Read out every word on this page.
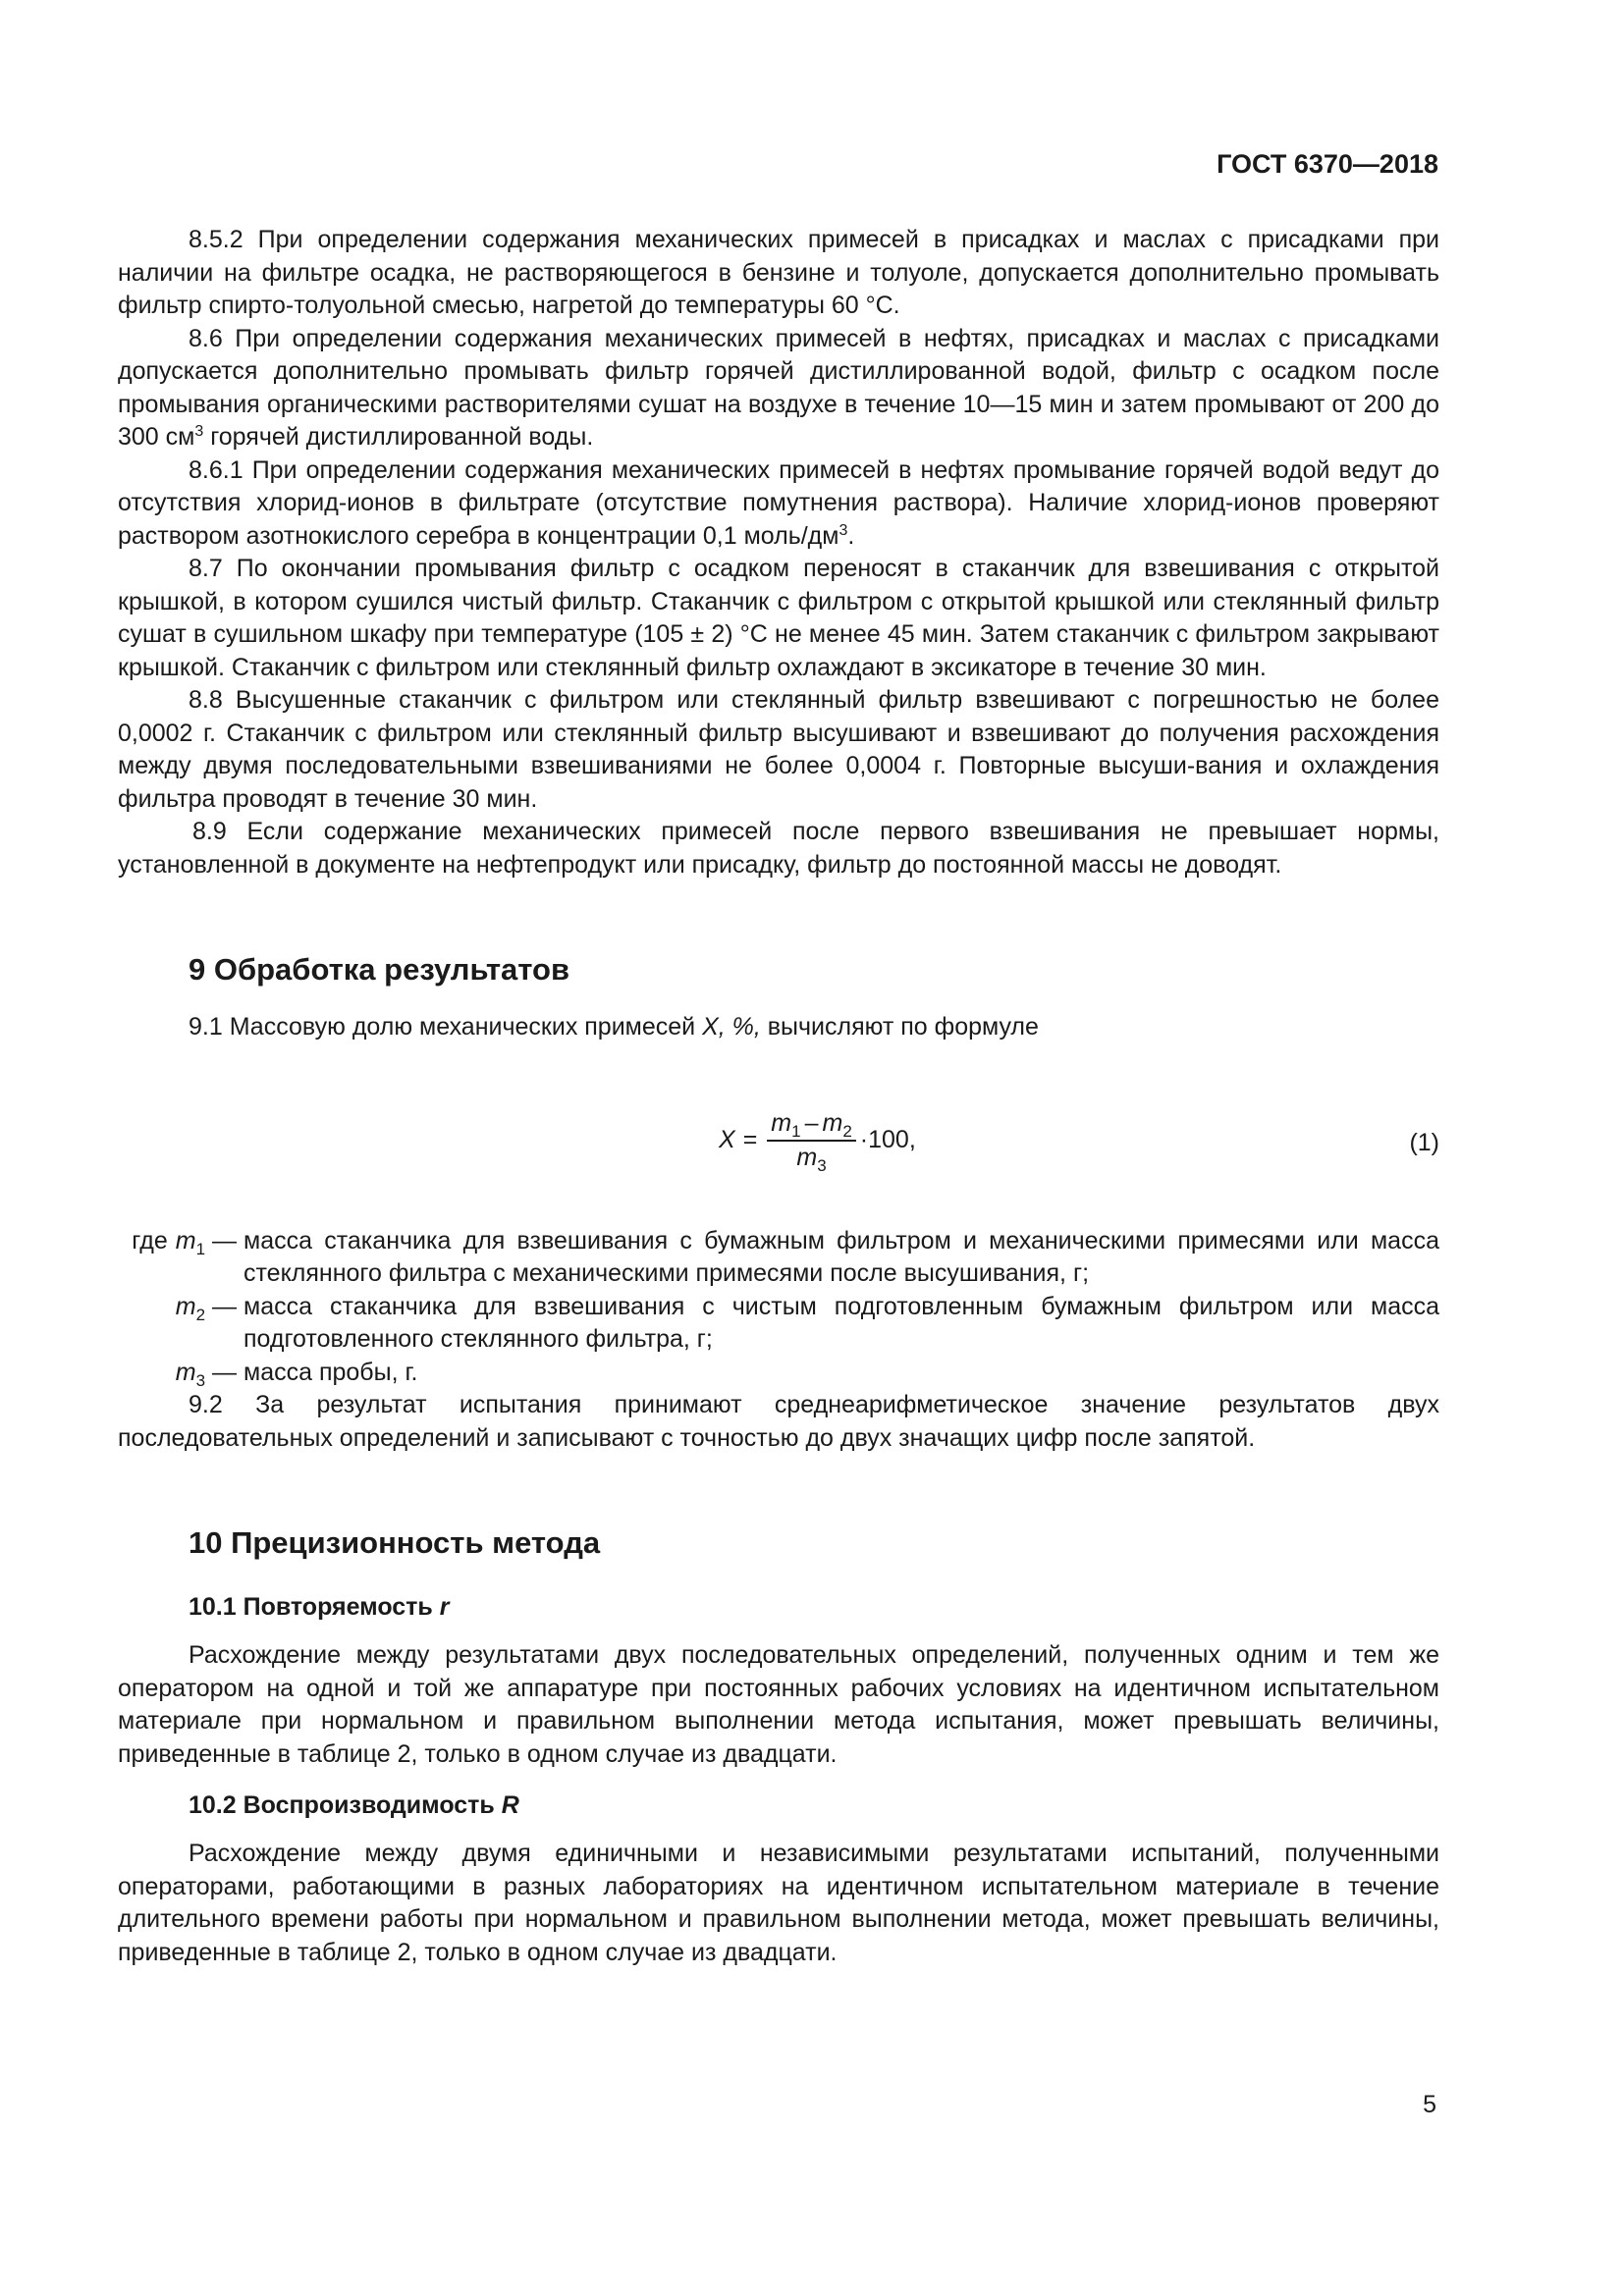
ГОСТ 6370—2018

8.5.2 При определении содержания механических примесей в присадках и маслах с присадками при наличии на фильтре осадка, не растворяющегося в бензине и толуоле, допускается дополнительно промывать фильтр спирто-толуольной смесью, нагретой до температуры 60 °С.

8.6 При определении содержания механических примесей в нефтях, присадках и маслах с присадками допускается дополнительно промывать фильтр горячей дистиллированной водой, фильтр с осадком после промывания органическими растворителями сушат на воздухе в течение 10—15 мин и затем промывают от 200 до 300 $см^3$ горячей дистиллированной воды.

8.6.1 При определении содержания механических примесей в нефтях промывание горячей водой ведут до отсутствия хлорид-ионов в фильтрате (отсутствие помутнения раствора). Наличие хлорид-ионов проверяют раствором азотнокислого серебра в концентрации 0,1 моль/$дм^3$.

8.7 По окончании промывания фильтр с осадком переносят в стаканчик для взвешивания с открытой крышкой, в котором сушился чистый фильтр. Стаканчик с фильтром с открытой крышкой или стеклянный фильтр сушат в сушильном шкафу при температуре (105 ± 2) °С не менее 45 мин. Затем стаканчик с фильтром закрывают крышкой. Стаканчик с фильтром или стеклянный фильтр охлаждают в эксикаторе в течение 30 мин.

8.8 Высушенные стаканчик с фильтром или стеклянный фильтр взвешивают с погрешностью не более 0,0002 г. Стаканчик с фильтром или стеклянный фильтр высушивают и взвешивают до получения расхождения между двумя последовательными взвешиваниями не более 0,0004 г. Повторные высуши-вания и охлаждения фильтра проводят в течение 30 мин.

8.9 Если содержание механических примесей после первого взвешивания не превышает нормы, установленной в документе на нефтепродукт или присадку, фильтр до постоянной массы не доводят.

9 Обработка результатов

9.1 Массовую долю механических примесей X, %, вычисляют по формуле

$X = \frac{m_1 - m_2}{m_3} \cdot 100$,	(1)
где $m_1$ — масса стаканчика для взвешивания с бумажным фильтром и механическими примесями или масса стеклянного фильтра с механическими примесями после высушивания, г;
$m_2$ — масса стаканчика для взвешивания с чистым подготовленным бумажным фильтром или масса подготовленного стеклянного фильтра, г;
$m_3$ — масса пробы, г.

9.2 За результат испытания принимают среднеарифметическое значение результатов двух последовательных определений и записывают с точностью до двух значащих цифр после запятой.

10 Прецизионность метода
10.1 Повторяемость r

Расхождение между результатами двух последовательных определений, полученных одним и тем же оператором на одной и той же аппаратуре при постоянных рабочих условиях на идентичном испытательном материале при нормальном и правильном выполнении метода испытания, может превышать величины, приведенные в таблице 2, только в одном случае из двадцати.

10.2 Воспроизводимость R

Расхождение между двумя единичными и независимыми результатами испытаний, полученными операторами, работающими в разных лабораториях на идентичном испытательном материале в течение длительного времени работы при нормальном и правильном выполнении метода, может превышать величины, приведенные в таблице 2, только в одном случае из двадцати.

5
